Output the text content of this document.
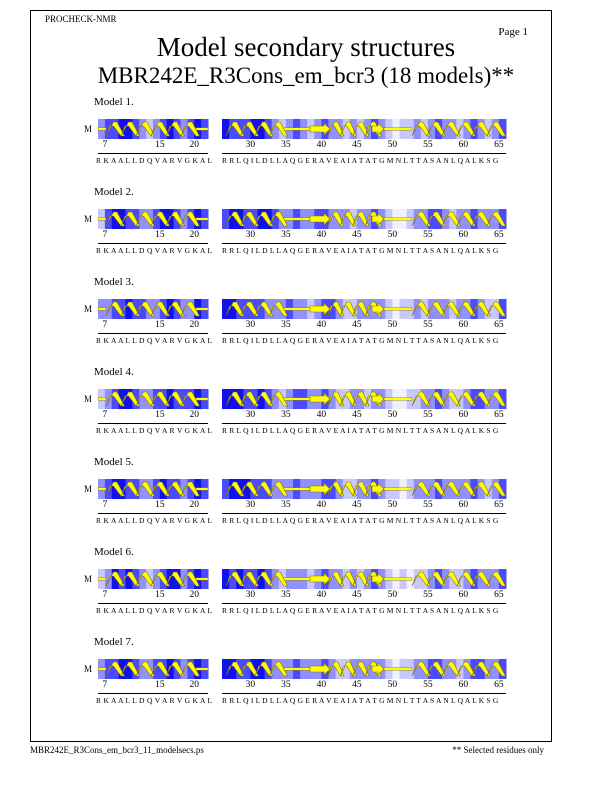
PROCHECK-NMR
Page 1
Model secondary structures
MBR242E_R3Cons_em_bcr3 (18 models)**
Model 1.
M
7	15	20	30	35	40	45	50	55	60	65
R K A A L L D Q V A R V G K A L R R L Q I L D L L A Q G E R A V E A I A T A T G M N L T T A S A N L Q A L K S G
Model 2.
M
7	15	20	30	35	40	45	50	55	60	65
R K A A L L D Q V A R V G K A L R R L Q I L D L L A Q G E R A V E A I A T A T G M N L T T A S A N L Q A L K S G
Model 3.
M
7	15	20	30	35	40	45	50	55	60	65
R K A A L L D Q V A R V G K A L R R L Q I L D L L A Q G E R A V E A I A T A T G M N L T T A S A N L Q A L K S G
Model 4.
M
7	15	20	30	35	40	45	50	55	60	65
R K A A L L D Q V A R V G K A L R R L Q I L D L L A Q G E R A V E A I A T A T G M N L T T A S A N L Q A L K S G
Model 5.
M
7	15	20	30	35	40	45	50	55	60	65
R K A A L L D Q V A R V G K A L R R L Q I L D L L A Q G E R A V E A I A T A T G M N L T T A S A N L Q A L K S G
Model 6.
M
7	15	20	30	35	40	45	50	55	60	65
R K A A L L D Q V A R V G K A L R R L Q I L D L L A Q G E R A V E A I A T A T G M N L T T A S A N L Q A L K S G
Model 7.
M
7	15	20	30	35	40	45	50	55	60	65
R K A A L L D Q V A R V G K A L R R L Q I L D L L A Q G E R A V E A I A T A T G M N L T T A S A N L Q A L K S G
MBR242E_R3Cons_em_bcr3_11_modelsecs.ps	** Selected residues only
